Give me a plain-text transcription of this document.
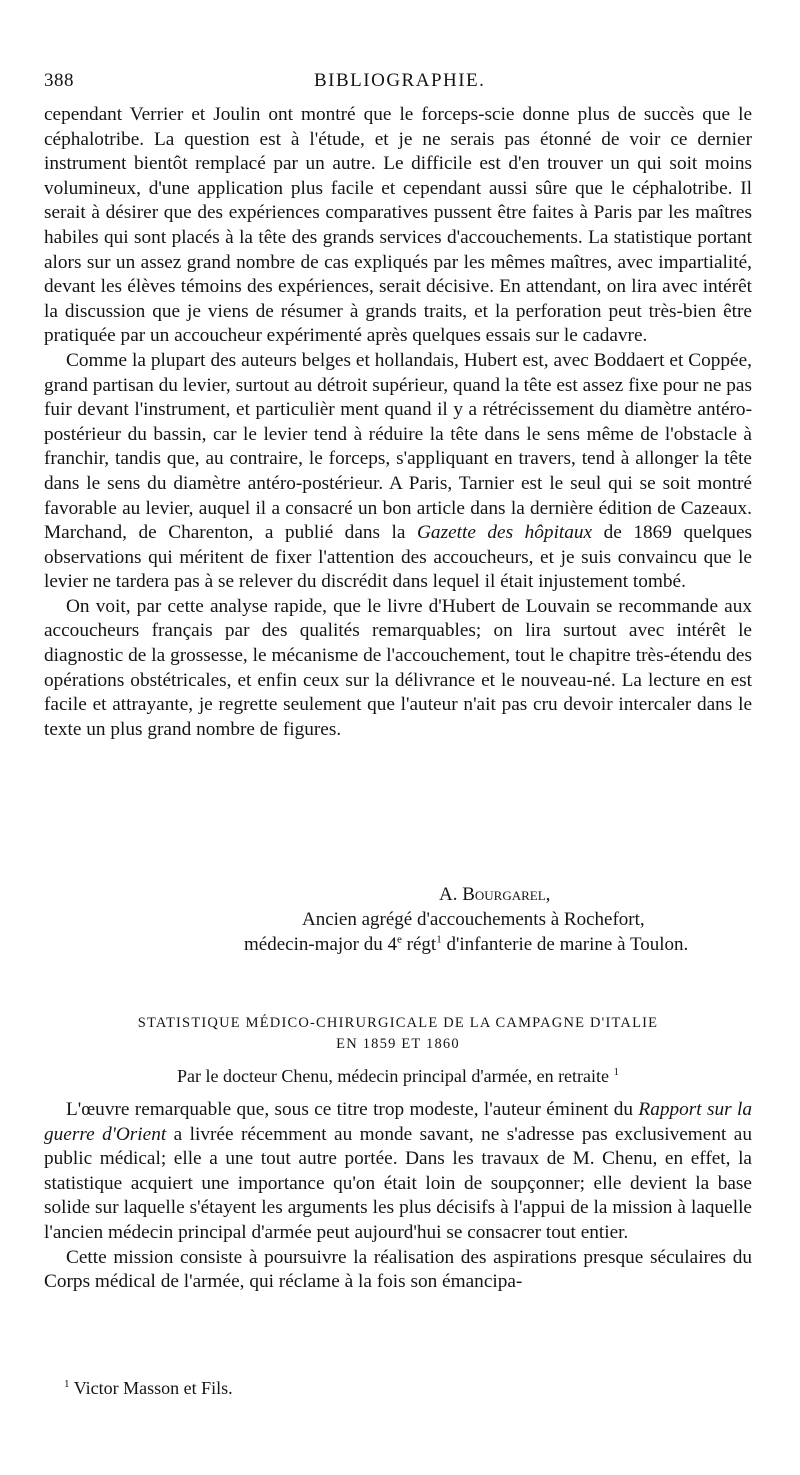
388	BIBLIOGRAPHIE.

cependant Verrier et Joulin ont montré que le forceps-scie donne plus de succès que le céphalotribe. La question est à l'étude, et je ne serais pas étonné de voir ce dernier instrument bientôt remplacé par un autre. Le difficile est d'en trouver un qui soit moins volumineux, d'une application plus facile et cependant aussi sûre que le céphalotribe. Il serait à désirer que des expériences comparatives pussent être faites à Paris par les maîtres habiles qui sont placés à la tête des grands services d'accouchements. La statistique portant alors sur un assez grand nombre de cas expliqués par les mêmes maîtres, avec impartialité, devant les élèves témoins des expériences, serait décisive. En attendant, on lira avec intérêt la discussion que je viens de résumer à grands traits, et la perforation peut très-bien être pratiquée par un accoucheur expérimenté après quelques essais sur le cadavre.

Comme la plupart des auteurs belges et hollandais, Hubert est, avec Boddaert et Coppée, grand partisan du levier, surtout au détroit supérieur, quand la tête est assez fixe pour ne pas fuir devant l'instrument, et particulièr ment quand il y a rétrécissement du diamètre antéro-postérieur du bassin, car le levier tend à réduire la tête dans le sens même de l'obstacle à franchir, tandis que, au contraire, le forceps, s'appliquant en travers, tend à allonger la tête dans le sens du diamètre antéro-postérieur. A Paris, Tarnier est le seul qui se soit montré favorable au levier, auquel il a consacré un bon article dans la dernière édition de Cazeaux. Marchand, de Charenton, a publié dans la Gazette des hôpitaux de 1869 quelques observations qui méritent de fixer l'attention des accoucheurs, et je suis convaincu que le levier ne tardera pas à se relever du discrédit dans lequel il était injustement tombé.

On voit, par cette analyse rapide, que le livre d'Hubert de Louvain se recommande aux accoucheurs français par des qualités remarquables; on lira surtout avec intérêt le diagnostic de la grossesse, le mécanisme de l'accouchement, tout le chapitre très-étendu des opérations obstétricales, et enfin ceux sur la délivrance et le nouveau-né. La lecture en est facile et attrayante, je regrette seulement que l'auteur n'ait pas cru devoir intercaler dans le texte un plus grand nombre de figures.

A. Bourgarel,
Ancien agrégé d'accouchements à Rochefort,
médecin-major du 4e régt$^1$ d'infanterie de marine à Toulon.
STATISTIQUE MÉDICO-CHIRURGICALE DE LA CAMPAGNE D'ITALIE
EN 1859 ET 1860
Par le docteur Chenu, médecin principal d'armée, en retraite $^1$

L'œuvre remarquable que, sous ce titre trop modeste, l'auteur éminent du Rapport sur la guerre d'Orient a livrée récemment au monde savant, ne s'adresse pas exclusivement au public médical; elle a une tout autre portée. Dans les travaux de M. Chenu, en effet, la statistique acquiert une importance qu'on était loin de soupçonner; elle devient la base solide sur laquelle s'étayent les arguments les plus décisifs à l'appui de la mission à laquelle l'ancien médecin principal d'armée peut aujourd'hui se consacrer tout entier.

Cette mission consiste à poursuivre la réalisation des aspirations presque séculaires du Corps médical de l'armée, qui réclame à la fois son émancipa-

$^1$ Victor Masson et Fils.
